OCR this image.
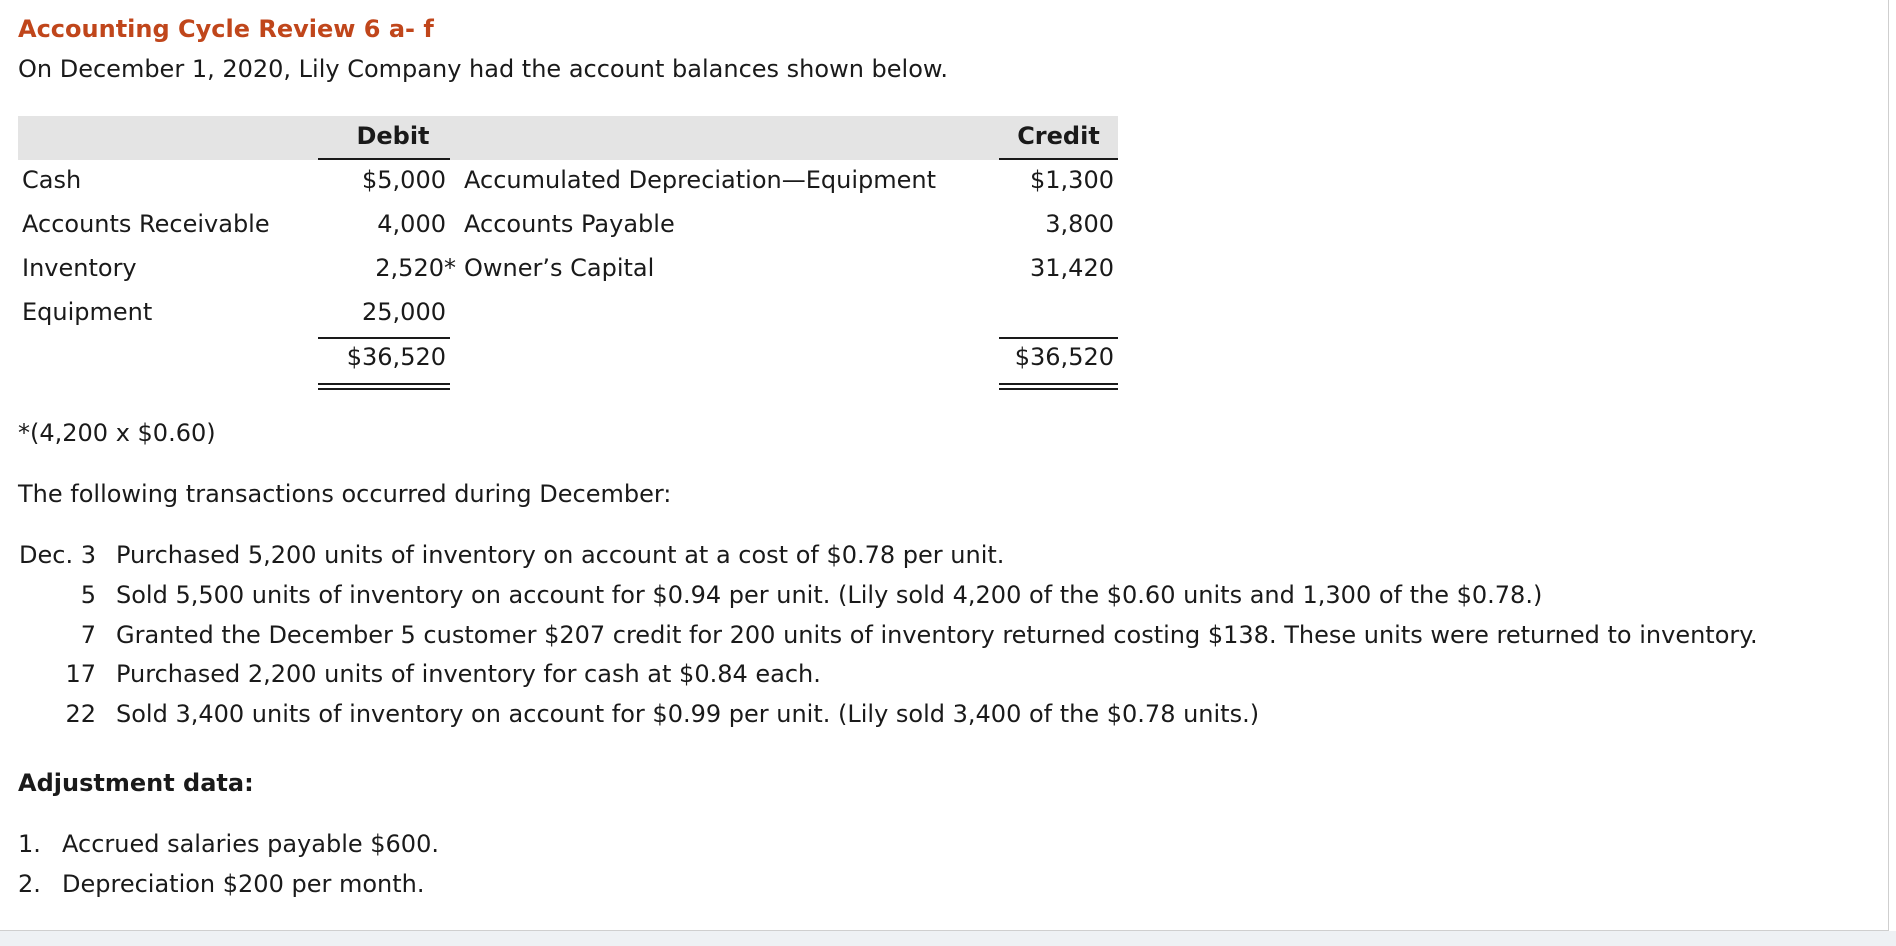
Accounting Cycle Review 6 a- f
On December 1, 2020, Lily Company had the account balances shown below.
Debit	Credit
Cash	$5,000 Accumulated Depreciation—Equipment	$1,300
Accounts Receivable	4,000 Accounts Payable	3,800
Inventory	2,520* Owner’s Capital	31,420
Equipment	25,000
$36,520	$36,520
*(4,200 x $0.60)
The following transactions occurred during December:
Dec. 3 Purchased 5,200 units of inventory on account at a cost of $0.78 per unit.
5 Sold 5,500 units of inventory on account for $0.94 per unit. (Lily sold 4,200 of the $0.60 units and 1,300 of the $0.78.)
7 Granted the December 5 customer $207 credit for 200 units of inventory returned costing $138. These units were returned to inventory.
17 Purchased 2,200 units of inventory for cash at $0.84 each.
22 Sold 3,400 units of inventory on account for $0.99 per unit. (Lily sold 3,400 of the $0.78 units.)
Adjustment data:
1. Accrued salaries payable $600.
2. Depreciation $200 per month.
